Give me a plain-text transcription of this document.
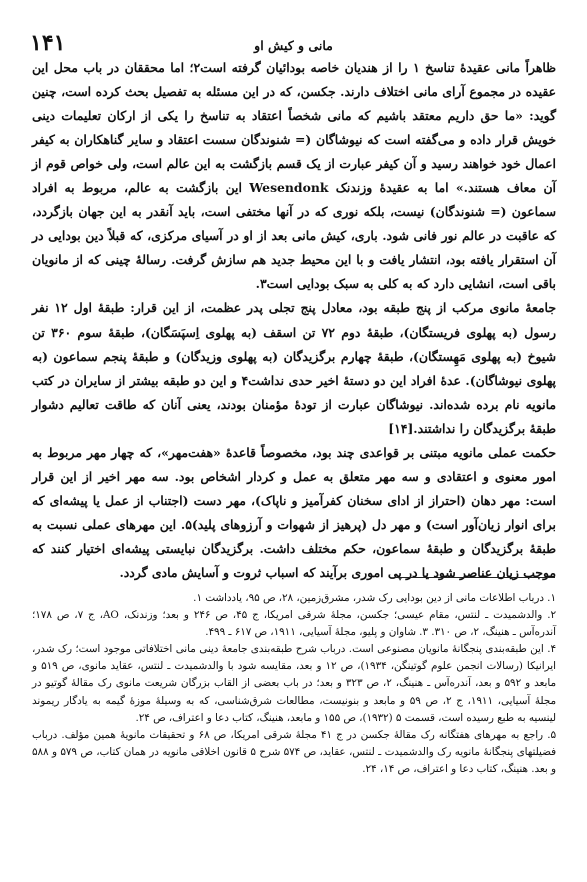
۱۴۱	مانی و کیش او

ظاهراً مانی عقیدهٔ تناسخ ۱ را از هندیان خاصه بودائیان گرفته است۲؛ اما محققان در باب محل این عقیده در مجموع آرای مانی اختلاف دارند. جکسن، که در این مسئله به تفصیل بحث کرده است، چنین گوید: «ما حق داریم معتقد باشیم که مانی شخصاً اعتقاد به تناسخ را یکی از ارکان تعلیمات دینی خویش قرار داده و می‌گفته است که نیوشاگان (= شنوندگان سست اعتقاد و سایر گناهکاران به کیفر اعمال خود خواهند رسید و آن کیفر عبارت از یک قسم بازگشت به این عالم است، ولی خواص قوم از آن معاف هستند.» اما به عقیدهٔ وزندنک Wesendonk این بازگشت به عالم، مربوط به افراد سماعون (= شنوندگان) نیست، بلکه نوری که در آنها مختفی است، باید آنقدر به این جهان بازگردد، که عاقبت در عالم نور فانی شود. باری، کیش مانی بعد از او در آسیای مرکزی، که قبلاً دین بودایی در آن استقرار یافته بود، انتشار یافت و با این محیط جدید هم سازش گرفت. رسالهٔ چینی که از مانویان باقی است، انشایی دارد که به کلی به سبک بودایی است۳.

جامعهٔ مانوی مرکب از پنج طبقه بود، معادل پنج تجلی پدر عظمت، از این قرار: طبقهٔ اول ۱۲ نفر رسول (به پهلوی فریستگان)، طبقهٔ دوم ۷۲ تن اسقف (به پهلوی اِسپَسَگان)، طبقهٔ سوم ۳۶۰ تن شیوخ (به پهلوی مَهِستگان)، طبقهٔ چهارم برگزیدگان (به پهلوی وزیدگان) و طبقهٔ پنجم سماعون (به پهلوی نیوشاگان). عدهٔ افراد این دو دستهٔ اخیر حدی نداشت۴ و این دو طبقه بیشتر از سایران در کتب مانویه نام برده شده‌اند. نیوشاگان عبارت از تودهٔ مؤمنان بودند، یعنی آنان که طاقت تعالیم دشوار طبقهٔ برگزیدگان را نداشتند.[۱۴]

حکمت عملی مانویه مبتنی بر قواعدی چند بود، مخصوصاً قاعدهٔ «هفت‌مهر»، که چهار مهر مربوط به امور معنوی و اعتقادی و سه مهر متعلق به عمل و کردار اشخاص بود. سه مهر اخیر از این قرار است: مهر دهان (احتراز از ادای سخنان کفرآمیز و ناپاک)، مهر دست (اجتناب از عمل یا پیشه‌ای که برای انوار زیان‌آور است) و مهر دل (پرهیز از شهوات و آرزوهای پلید)۵. این مهرهای عملی نسبت به طبقهٔ برگزیدگان و طبقهٔ سماعون، حکم مختلف داشت. برگزیدگان نبایستی پیشه‌ای اختیار کنند که موجب زیان عناصر شود یا در پی اموری برآیند که اسباب ثروت و آسایش مادی گردد.

۱. درباب اطلاعات مانی از دین بودایی رک شدر، مشرق‌زمین، ۲۸، ص ۹۵، یادداشت ۱.

۲. والدشمیدت ـ لنتس، مقام عیسی؛ جکسن، مجلهٔ شرقی امریکا، ج ۴۵، ص ۲۴۶ و بعد؛ وزندنک، AO، ج ۷، ص ۱۷۸؛ آندره‌آس ـ هنینگ، ۲، ص ۳۱۰. ۳. شاوان و پلیو، مجلهٔ آسیایی، ۱۹۱۱، ص ۶۱۷ ـ ۴۹۹.

۴. این طبقه‌بندی پنجگانهٔ مانویان مصنوعی است. درباب شرح طبقه‌بندی جامعهٔ دینی مانی اختلافاتی موجود است؛ رک شدر، ایرانیکا (رسالات انجمن علوم گوتینگن، ۱۹۳۴)، ص ۱۲ و بعد، مقایسه شود با والدشمیدت ـ لنتس، عقاید مانوی، ص ۵۱۹ و مابعد و ۵۹۲ و بعد، آندره‌آس ـ هنینگ، ۲، ص ۳۲۳ و بعد؛ در باب بعضی از القاب بزرگان شریعت مانوی رک مقالهٔ گوتیو در مجلهٔ آسیایی، ۱۹۱۱، ج ۲، ص ۵۹ و مابعد و بنونیست، مطالعات شرق‌شناسی، که به وسیلهٔ موزهٔ گیمه به یادگار ریموند لینسیه به طبع رسیده است، قسمت ۵ (۱۹۳۲)، ص ۱۵۵ و مابعد، هنینگ، کتاب دعا و اعتراف، ص ۲۴.

۵. راجع به مهرهای هفتگانه رک مقالهٔ جکسن در ج ۴۱ مجلهٔ شرقی امریکا، ص ۶۸ و تحقیقات مانویهٔ همین مؤلف. درباب فضیلتهای پنجگانهٔ مانویه رک والدشمیدت ـ لنتس، عقاید، ص ۵۷۴ شرح ۵ قانون اخلاقی مانویه در همان کتاب، ص ۵۷۹ و ۵۸۸ و بعد. هنینگ، کتاب دعا و اعتراف، ص ۱۴، ۲۴.
